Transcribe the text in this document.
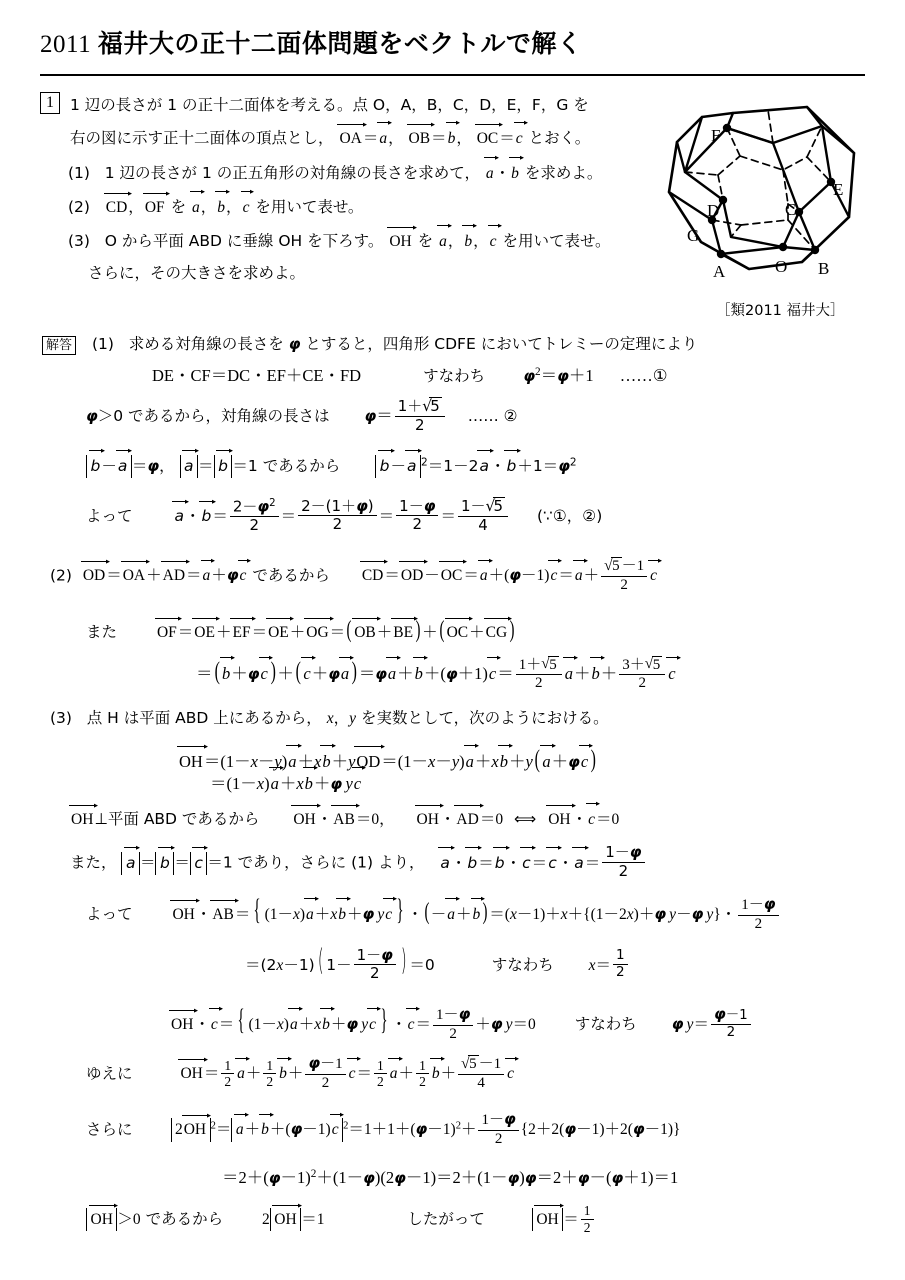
2011 福井大の正十二面体問題をベクトルで解く
1	1 辺の長さが 1 の正十二面体を考える。点 O，A，B，C，D，E，F，G を
右の図に示す正十二面体の頂点とし， OA＝a， OB＝b， OC＝c とおく。
(1) 1 辺の長さが 1 の正五角形の対角線の長さを求めて， a・b を求めよ。
(2) CD，OF を a，b，c を用いて表せ。
(3) O から平面 ABD に垂線 OH を下ろす。 OH を a，b，c を用いて表せ。
さらに，その大きさを求めよ。
F
D	C
E
G
A	O B
［類2011 福井大］
解答 (1) 求める対角線の長さを φ とすると，四角形 CDFE においてトレミーの定理により
DE・CF＝DC・EF＋CE・FD	すなわち	$\varphi^2=\varphi+1$ ……①
φ＞0 であるから，対角線の長さは $\varphi= \frac{1+ √ 5}{2}$ …… ②
b－a ＝φ， a ＝ b ＝1 であるから	b－a $^2$＝1－2a・$b+1=\varphi^2$
よって	a・$b= \frac{2-\varphi^2}{2} = \frac{2-(1+\varphi)}{2} = \frac{1-\varphi}{2} = \frac{1- √ 5}{4}$ (∵①，②)
(2) OD＝OA＋AD＝a＋φc であるから CD＝OD－OC＝a＋(φ－1)c＝a＋ √ $\frac{5 -1}{2}$ c
また	OF＝OE＋EF＝OE＋OG＝( OB＋BE )＋( OC＋CG )
＝( b＋φc )＋( c＋φa )$=\varphi a+b+(\varphi+1)c= \frac{1+ √ 5}{2} a+b+ \frac{3+ √ 5}{2}$ c
(3) 点 H は平面 ABD 上にあるから， x，y を実数として，次のようにおける。
OH＝(1－x－y)a＋xb＋yOD＝(1－x－y)a＋xb＋y( a＋φc )
＝(1－x)a＋xb＋φ  yc
OH⊥平面 ABD であるから OH・AB＝0， OH・AD＝0 ⟺ OH・c＝0
また， a ＝ b ＝ c ＝1 であり，さらに (1) より， a・b＝b・c＝c・$a= \frac{1-\varphi}{2}$
よって	OH・AB＝ { (1－x)a＋xb＋φ  yc } ・(－a＋b )＝(x－1)＋x＋{(1－2x)＋φ  y－φ  y}・ $\frac{1-\varphi}{2}$
＝(2x－1)( $1- \frac{1-\varphi}{2}$ ) ＝0	すなわち $x= \frac{1}{2}$
OH・c＝ { (1－x)a＋xb＋φ  yc } ・$c= \frac{1-\varphi}{2} +\varphi$  y＝0	すなわち φ  $y= \frac{\varphi-1}{2}$
ゆえに	$OH= \frac{1}{2} a+ \frac{1}{2} b+ \frac{\varphi-1}{2} c= \frac{1}{2} a+ \frac{1}{2} b+$ √ $\frac{5 -1}{4}$ c
さらに	2OH $^2$＝ a＋b＋(φ－1)c $^2=1+1+(\varphi-1)^2+ \frac{1-\varphi}{2} \{2+2(\varphi-1)+2(\varphi-1)\}$
$=2+(\varphi-1)^2+(1-\varphi)(2\varphi-1)=2+(1-\varphi)\varphi=2+\varphi-(\varphi+1)=1$
OH ＞0 であるから	2 OH ＝1	したがって	OH ＝ $\frac{1}{2}$
